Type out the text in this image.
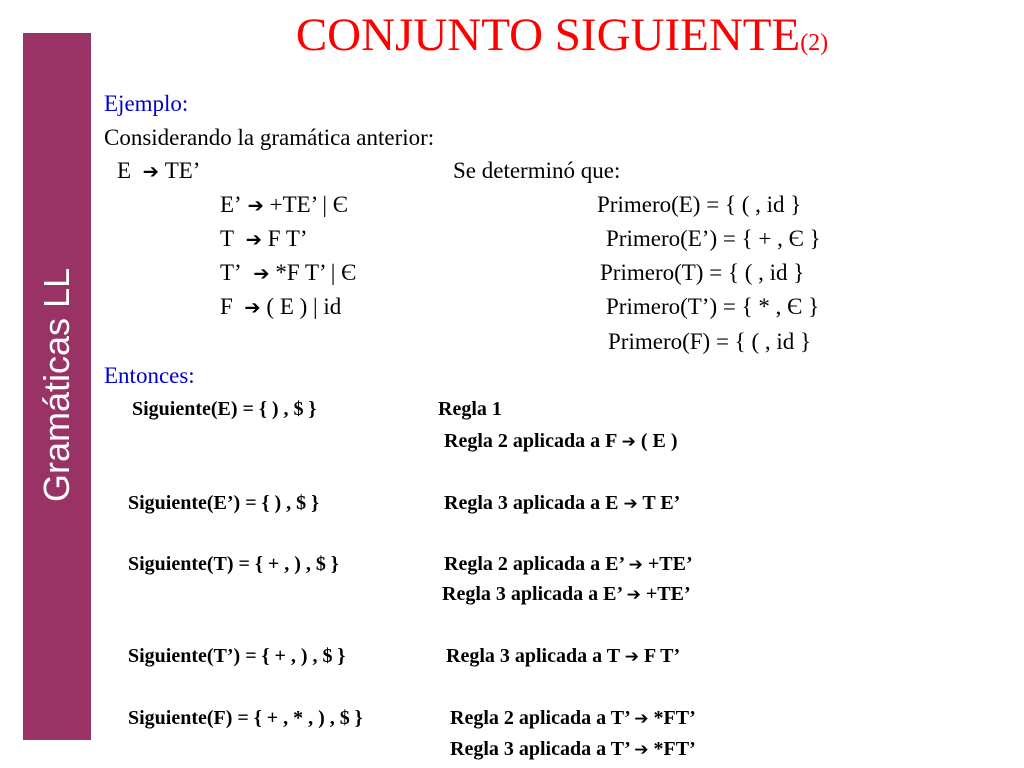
Gramáticas LL
CONJUNTO SIGUIENTE(2)
Ejemplo:
Considerando la gramática anterior:
E ➔ TE’
E’ ➔ +TE’ | Є
T ➔ F T’
T’ ➔ *F T’ | Є
F ➔ ( E ) | id
Se determinó que:
Primero(E) = { ( , id }
Primero(E’) = { + , Є }
Primero(T) = { ( , id }
Primero(T’) = { * , Є }
Primero(F) = { ( , id }
Entonces:
Siguiente(E) = { ) , $ }	Regla 1
Regla 2 aplicada a F ➔ ( E )
Siguiente(E’) = { ) , $ }	Regla 3 aplicada a E ➔ T E’
Siguiente(T) = { + , ) , $ }	Regla 2 aplicada a E’ ➔ +TE’
Regla 3 aplicada a E’ ➔ +TE’
Siguiente(T’) = { + , ) , $ }	Regla 3 aplicada a T ➔ F T’
Siguiente(F) = { + , * , ) , $ }	Regla 2 aplicada a T’ ➔ *FT’
Regla 3 aplicada a T’ ➔ *FT’
